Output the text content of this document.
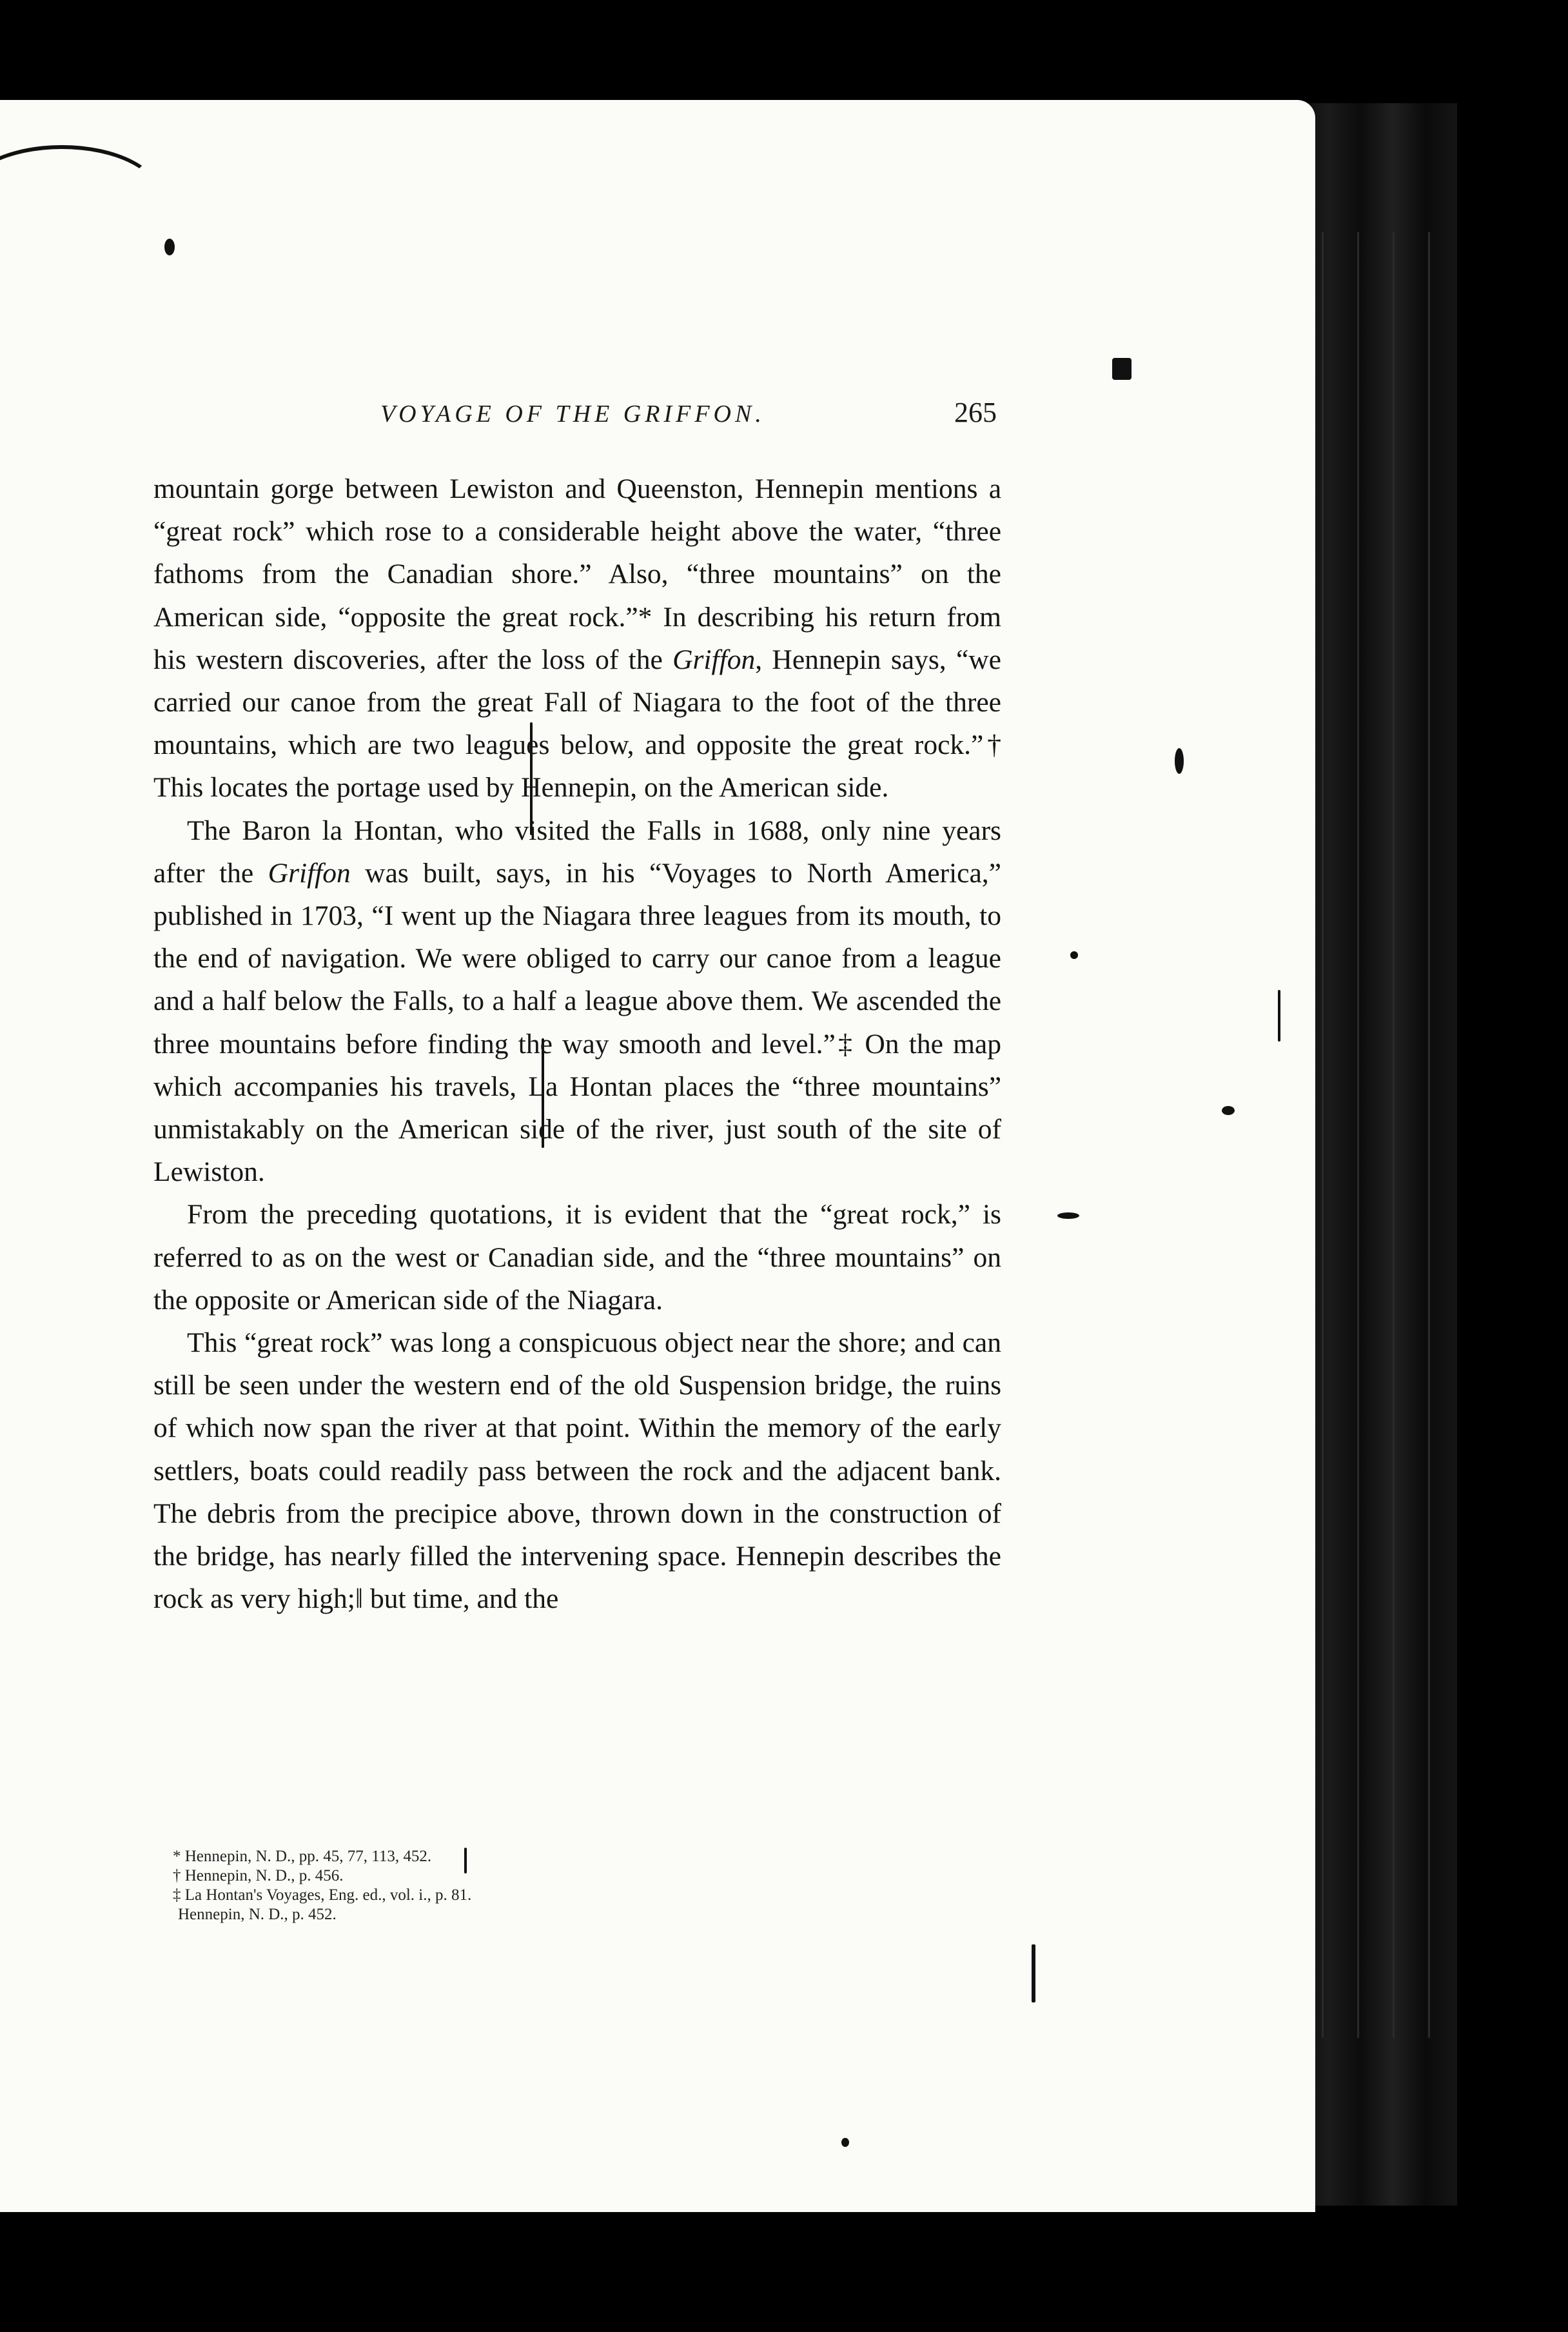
VOYAGE OF THE GRIFFON.	265

mountain gorge between Lewiston and Queenston, Hennepin mentions a “great rock” which rose to a considerable height above the water, “three fathoms from the Canadian shore.” Also, “three mountains” on the American side, “opposite the great rock.”* In describing his return from his western discoveries, after the loss of the Griffon, Hennepin says, “we carried our canoe from the great Fall of Niagara to the foot of the three mountains, which are two leagues below, and opposite the great rock.”† This locates the portage used by Hennepin, on the American side.

The Baron la Hontan, who visited the Falls in 1688, only nine years after the Griffon was built, says, in his “Voyages to North America,” published in 1703, “I went up the Niagara three leagues from its mouth, to the end of navigation. We were obliged to carry our canoe from a league and a half below the Falls, to a half a league above them. We ascended the three mountains before finding the way smooth and level.”‡ On the map which accompanies his travels, La Hontan places the “three mountains” unmistakably on the American side of the river, just south of the site of Lewiston.

From the preceding quotations, it is evident that the “great rock,” is referred to as on the west or Canadian side, and the “three mountains” on the opposite or American side of the Niagara.

This “great rock” was long a conspicuous object near the shore; and can still be seen under the western end of the old Suspension bridge, the ruins of which now span the river at that point. Within the memory of the early settlers, boats could readily pass between the rock and the adjacent bank. The debris from the precipice above, thrown down in the construction of the bridge, has nearly filled the intervening space. Hennepin describes the rock as very high;‖ but time, and the

* Hennepin, N. D., pp. 45, 77, 113, 452.
† Hennepin, N. D., p. 456.
‡ La Hontan's Voyages, Eng. ed., vol. i., p. 81.
Hennepin, N. D., p. 452.
